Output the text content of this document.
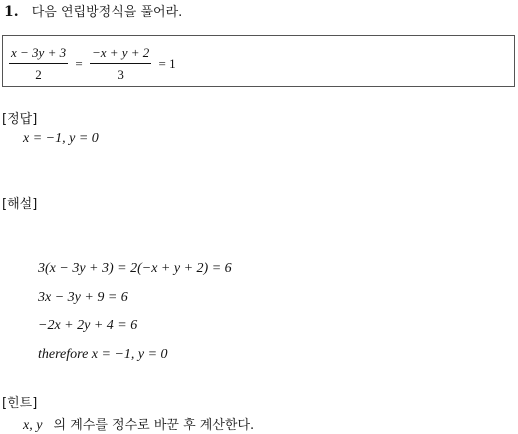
1. 다음 연립방정식을 풀어라.
$\frac{x - 3y + 3}{2} = \frac{-x + y + 2}{3} = 1$
[정답]
x = −1, y = 0
[해설]
3(x − 3y + 3) = 2(−x + y + 2) = 6
3x − 3y + 9 = 6
−2x + 2y + 4 = 6
therefore x = −1, y = 0
[힌트]
x, y 의 계수를 정수로 바꾼 후 계산한다.
